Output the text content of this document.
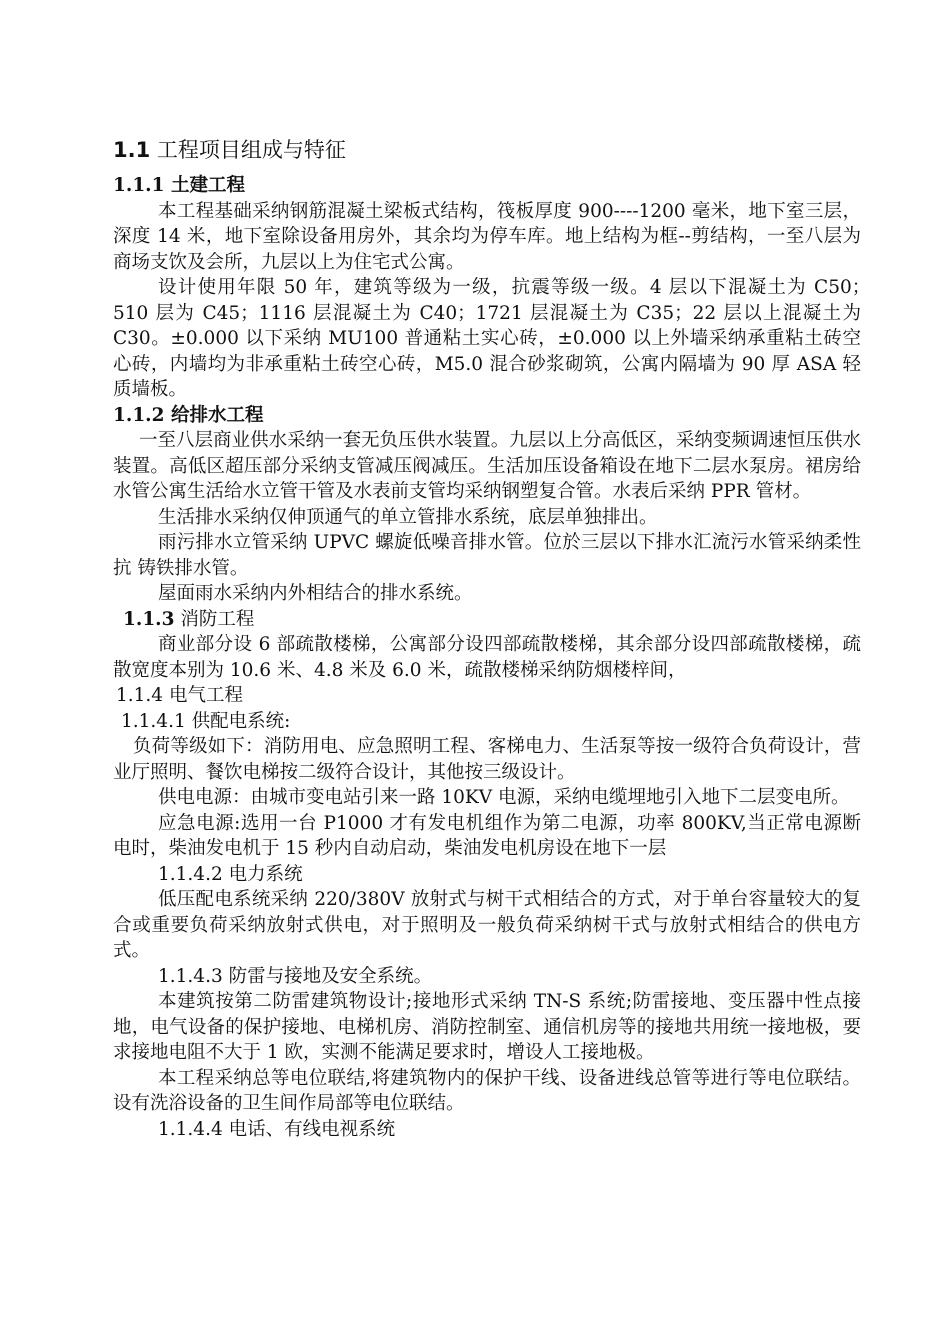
1.1 工程项目组成与特征
1.1.1 土建工程
本工程基础采纳钢筋混凝土梁板式结构，筏板厚度 900----1200 毫米，地下室三层，深度 14 米，地下室除设备用房外，其余均为停车库。地上结构为框--剪结构，一至八层为商场支饮及会所，九层以上为住宅式公寓。
设计使用年限 50 年，建筑等级为一级，抗震等级一级。4 层以下混凝土为 C50；　510 层为 C45；1116 层混凝土为 C40；1721 层混凝土为 C35；22 层以上混凝土为 C30。±0.000 以下采纳 MU100 普通粘土实心砖，±0.000 以上外墙采纳承重粘土砖空心砖，内墙均为非承重粘土砖空心砖，M5.0 混合砂浆砌筑，公寓内隔墙为 90 厚 ASA 轻质墙板。
1.1.2 给排水工程
一至八层商业供水采纳一套无负压供水装置。九层以上分高低区，采纳变频调速恒压供水装置。高低区超压部分采纳支管减压阀减压。生活加压设备箱设在地下二层水泵房。裙房给水管公寓生活给水立管干管及水表前支管均采纳钢塑复合管。水表后采纳 PPR 管材。
生活排水采纳仅伸顶通气的单立管排水系统，底层单独排出。
雨污排水立管采纳 UPVC 螺旋低噪音排水管。位於三层以下排水汇流污水管采纳柔性抗 铸铁排水管。
屋面雨水采纳内外相结合的排水系统。
1.1.3 消防工程
商业部分设 6 部疏散楼梯，公寓部分设四部疏散楼梯，其余部分设四部疏散楼梯，疏散宽度本别为 10.6 米、4.8 米及 6.0 米，疏散楼梯采纳防烟楼梓间，
1.1.4 电气工程
1.1.4.1 供配电系统:
负荷等级如下：消防用电、应急照明工程、客梯电力、生活泵等按一级符合负荷设计，营业厅照明、餐饮电梯按二级符合设计，其他按三级设计。
供电电源：由城市变电站引来一路 10KV 电源，采纳电缆埋地引入地下二层变电所。
应急电源:选用一台 P1000 才有发电机组作为第二电源，功率 800KV,当正常电源断电时，柴油发电机于 15 秒内自动启动，柴油发电机房设在地下一层
1.1.4.2 电力系统
低压配电系统采纳 220/380V 放射式与树干式相结合的方式，对于单台容量较大的复合或重要负荷采纳放射式供电，对于照明及一般负荷采纳树干式与放射式相结合的供电方式。
1.1.4.3 防雷与接地及安全系统。
本建筑按第二防雷建筑物设计;接地形式采纳 TN-S 系统;防雷接地、变压器中性点接地，电气设备的保护接地、电梯机房、消防控制室、通信机房等的接地共用统一接地极，要求接地电阻不大于 1 欧，实测不能满足要求时，增设人工接地极。
本工程采纳总等电位联结,将建筑物内的保护干线、设备进线总管等进行等电位联结。设有洗浴设备的卫生间作局部等电位联结。
1.1.4.4 电话、有线电视系统
